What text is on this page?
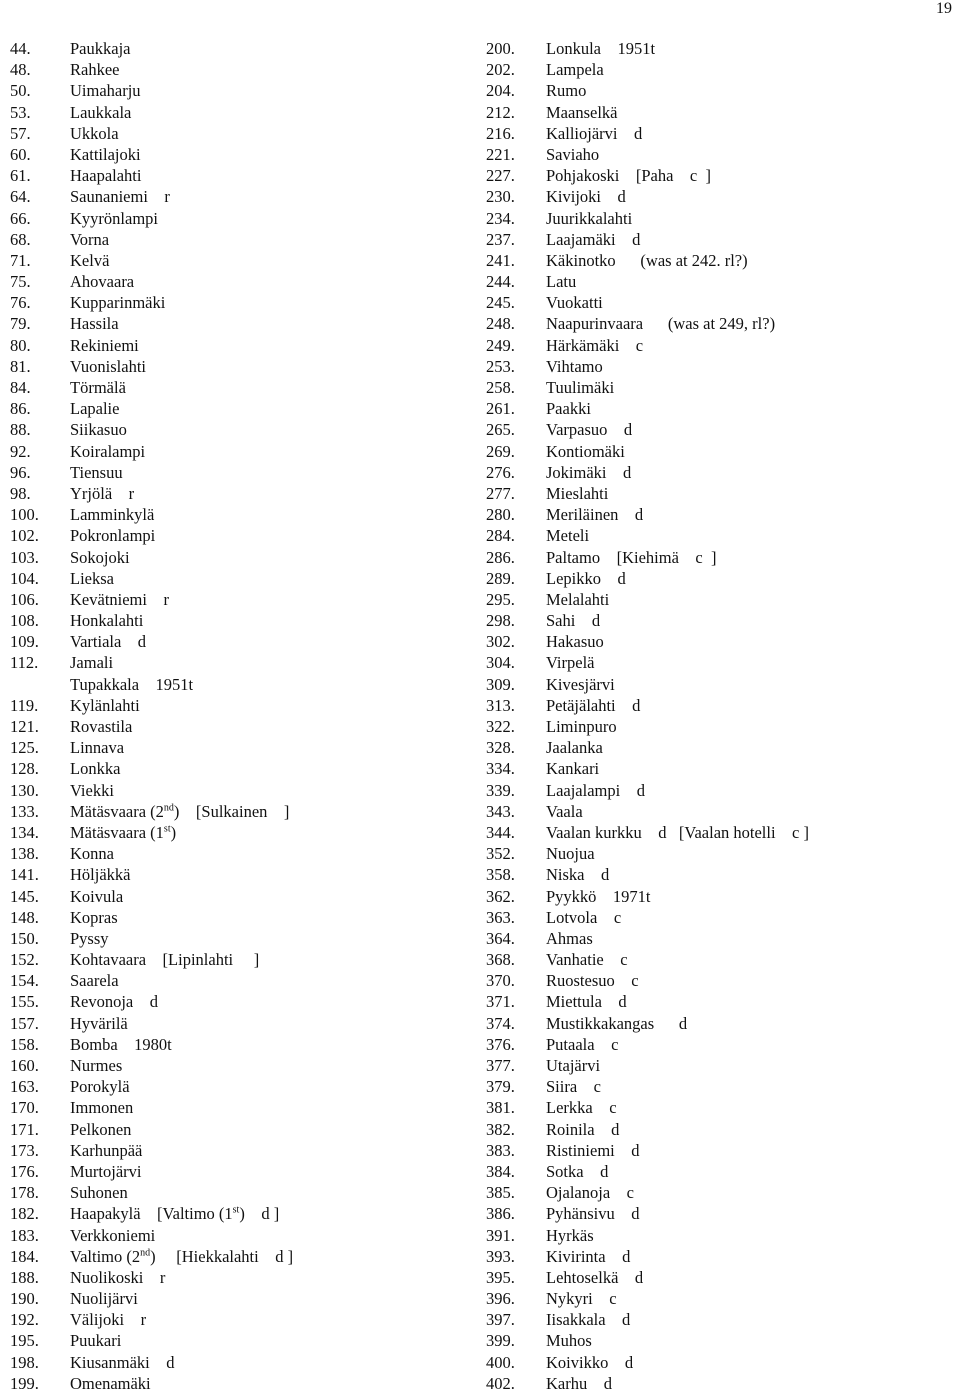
19
44.	Paukkaja
48.	Rahkee
50.	Uimaharju
53.	Laukkala
57.	Ukkola
60.	Kattilajoki
61.	Haapalahti
64.	Saunaniemi    r
66.	Kyyrönlampi
68.	Vorna
71.	Kelvä
75.	Ahovaara
76.	Kupparinmäki
79.	Hassila
80.	Rekiniemi
81.	Vuonislahti
84.	Törmälä
86.	Lapalie
88.	Siikasuo
92.	Koiralampi
96.	Tiensuu
98.	Yrjölä    r
100.	Lamminkylä
102.	Pokronlampi
103.	Sokojoki
104.	Lieksa
106.	Kevätniemi    r
108.	Honkalahti
109.	Vartiala    d
112.	Jamali
Tupakkala    1951t
119.	Kylänlahti
121.	Rovastila
125.	Linnava
128.	Lonkka
130.	Viekki
133.	Mätäsvaara (2nd)    [Sulkainen    ]
134.	Mätäsvaara (1st)
138.	Konna
141.	Höljäkkä
145.	Koivula
148.	Kopras
150.	Pyssy
152.	Kohtavaara    [Lipinlahti     ]
154.	Saarela
155.	Revonoja    d
157.	Hyvärilä
158.	Bomba    1980t
160.	Nurmes
163.	Porokylä
170.	Immonen
171.	Pelkonen
173.	Karhunpää
176.	Murtojärvi
178.	Suhonen
182.	Haapakylä    [Valtimo (1st)    d ]
183.	Verkkoniemi
184.	Valtimo (2nd)     [Hiekkalahti    d ]
188.	Nuolikoski    r
190.	Nuolijärvi
192.	Välijoki    r
195.	Puukari
198.	Kiusanmäki    d
199.	Omenamäki
200.	Lonkula    1951t
202.	Lampela
204.	Rumo
212.	Maanselkä
216.	Kalliojärvi    d
221.	Saviaho
227.	Pohjakoski    [Paha    c  ]
230.	Kivijoki    d
234.	Juurikkalahti
237.	Laajamäki    d
241.	Käkinotko      (was at 242. rl?)
244.	Latu
245.	Vuokatti
248.	Naapurinvaara      (was at 249, rl?)
249.	Härkämäki    c
253.	Vihtamo
258.	Tuulimäki
261.	Paakki
265.	Varpasuo    d
269.	Kontiomäki
276.	Jokimäki    d
277.	Mieslahti
280.	Meriläinen    d
284.	Meteli
286.	Paltamo    [Kiehimä    c  ]
289.	Lepikko    d
295.	Melalahti
298.	Sahi    d
302.	Hakasuo
304.	Virpelä
309.	Kivesjärvi
313.	Petäjälahti    d
322.	Liminpuro
328.	Jaalanka
334.	Kankari
339.	Laajalampi    d
343.	Vaala
344.	Vaalan kurkku    d   [Vaalan hotelli    c ]
352.	Nuojua
358.	Niska    d
362.	Pyykkö    1971t
363.	Lotvola    c
364.	Ahmas
368.	Vanhatie    c
370.	Ruostesuo    c
371.	Miettula    d
374.	Mustikkakangas      d
376.	Putaala    c
377.	Utajärvi
379.	Siira    c
381.	Lerkka    c
382.	Roinila    d
383.	Ristiniemi    d
384.	Sotka    d
385.	Ojalanoja    c
386.	Pyhänsivu    d
391.	Hyrkäs
393.	Kivirinta    d
395.	Lehtoselkä    d
396.	Nykyri    c
397.	Iisakkala    d
399.	Muhos
400.	Koivikko    d
402.	Karhu    d
